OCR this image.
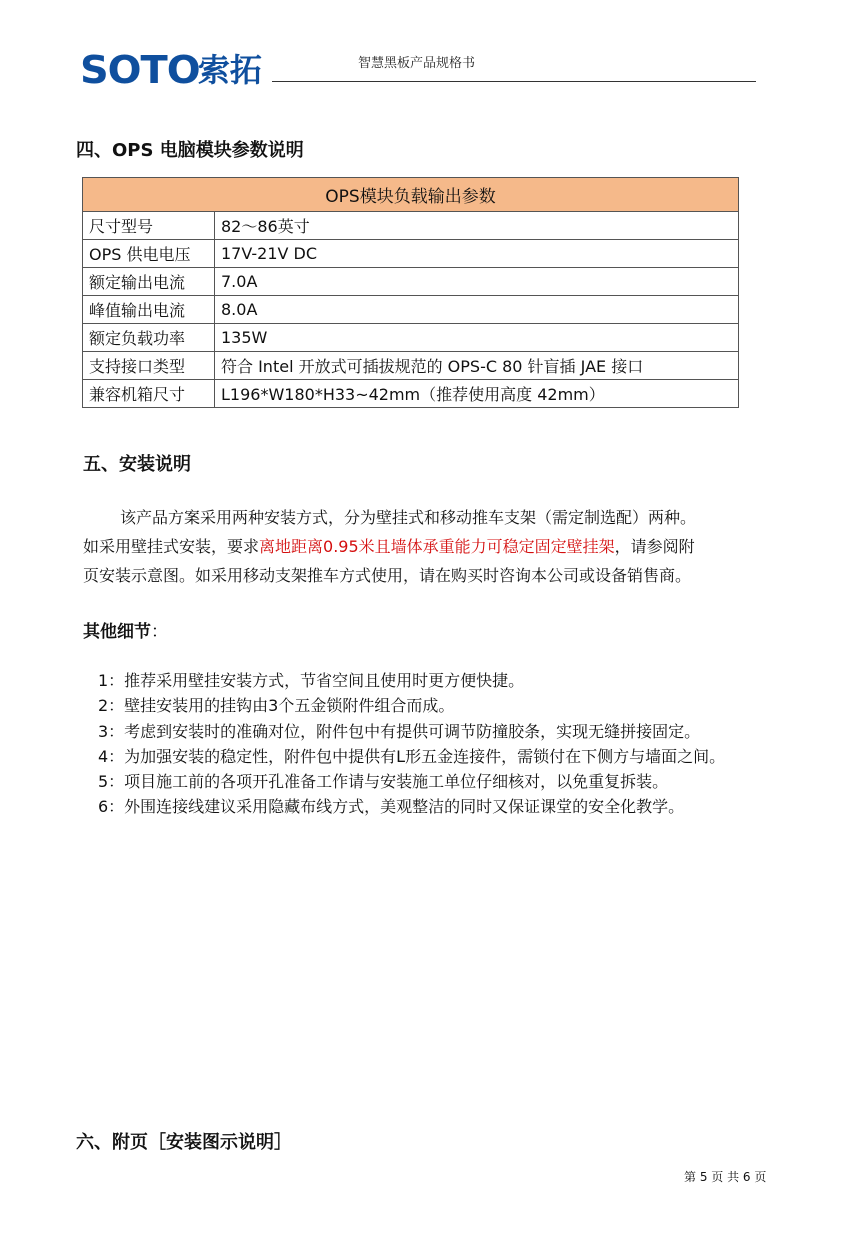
SOTO
索拓	智慧黑板产品规格书
四、OPS 电脑模块参数说明
OPS模块负载输出参数	
尺寸型号	82～86英寸
OPS 供电电压	17V-21V DC
额定输出电流	7.0A
峰值输出电流	8.0A
额定负载功率	135W
支持接口类型	符合 Intel 开放式可插拔规范的 OPS-C 80 针盲插 JAE 接口
兼容机箱尺寸	L196*W180*H33~42mm（推荐使用高度 42mm）
五、安装说明
该产品方案采用两种安装方式，分为壁挂式和移动推车支架（需定制选配）两种。
如采用壁挂式安装，要求离地距离0.95米且墙体承重能力可稳定固定壁挂架，请参阅附
页安装示意图。如采用移动支架推车方式使用，请在购买时咨询本公司或设备销售商。
其他细节：
1：推荐采用壁挂安装方式，节省空间且使用时更方便快捷。
2：壁挂安装用的挂钩由3个五金锁附件组合而成。
3：考虑到安装时的准确对位，附件包中有提供可调节防撞胶条，实现无缝拼接固定。
4：为加强安装的稳定性，附件包中提供有L形五金连接件，需锁付在下侧方与墙面之间。
5：项目施工前的各项开孔准备工作请与安装施工单位仔细核对，以免重复拆装。
6：外围连接线建议采用隐藏布线方式，美观整洁的同时又保证课堂的安全化教学。
六、附页［安装图示说明］
第 5 页 共 6 页
